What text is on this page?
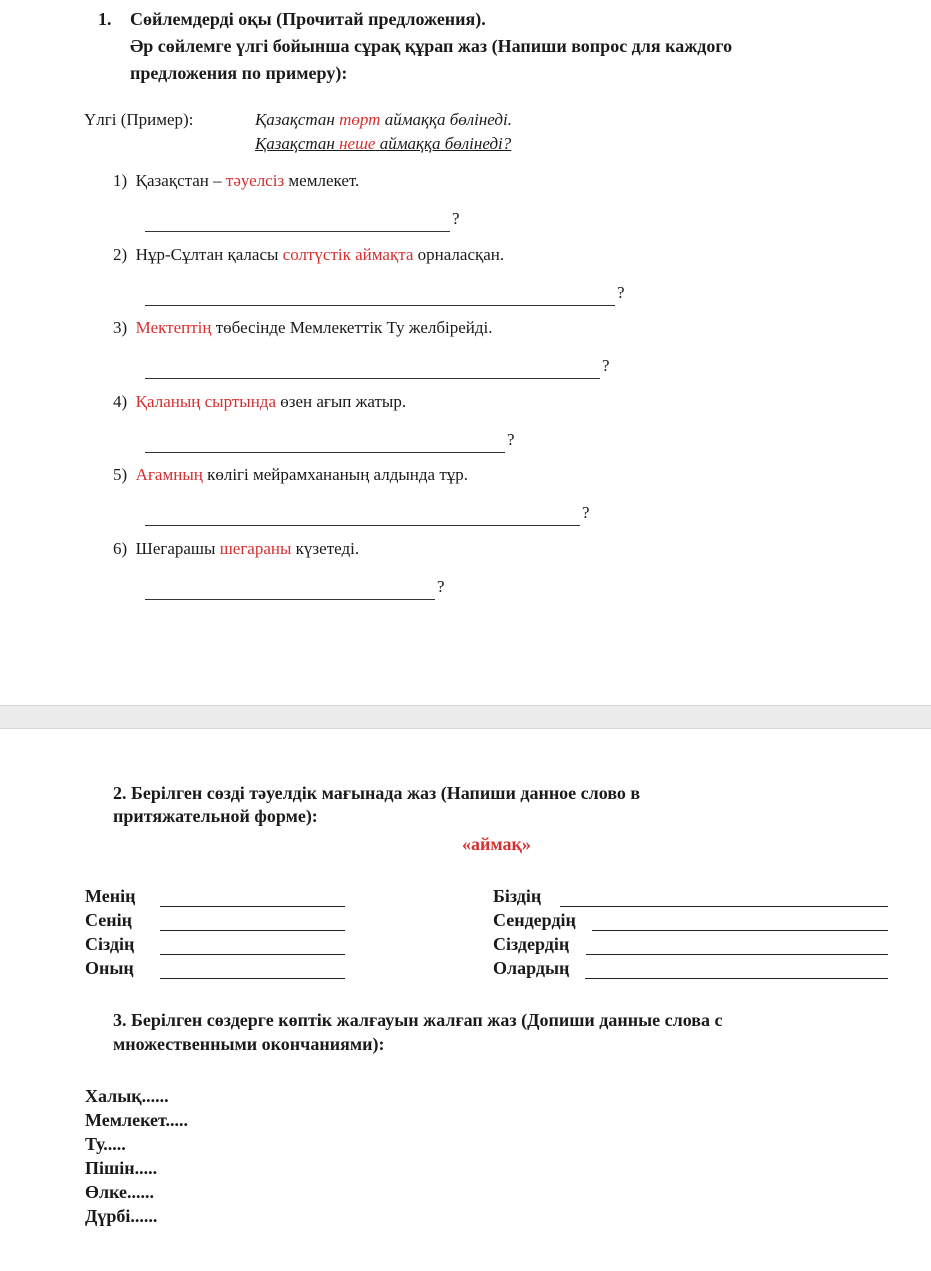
1. Сөйлемдерді оқы (Прочитай предложения).
Әр сөйлемге үлгі бойынша сұрақ құрап жаз (Напиши вопрос для каждого
предложения по примеру):
Үлгі (Пример):	Қазақстан төрт аймаққа бөлінеді.
Қазақстан неше аймаққа бөлінеді?
1) Қазақстан – тәуелсіз мемлекет.
?
2) Нұр-Сұлтан қаласы солтүстік аймақта орналасқан.
?
3) Мектептің төбесінде Мемлекеттік Ту желбірейді.
?
4) Қаланың сыртында өзен ағып жатыр.
?
5) Ағамның көлігі мейрамхананың алдында тұр.
?
6) Шегарашы шегараны күзетеді.
?
2. Берілген сөзді тәуелдік мағынада жаз (Напиши данное слово в
притяжательной форме):
«аймақ»
Менің	Біздің
Сенің	Сендердің
Сіздің	Сіздердің
Оның	Олардың
3. Берілген сөздерге көптік жалғауын жалғап жаз (Допиши данные слова с
множественными окончаниями):
Халық......
Мемлекет.....
Ту.....
Пішін.....
Өлке......
Дүрбі......
